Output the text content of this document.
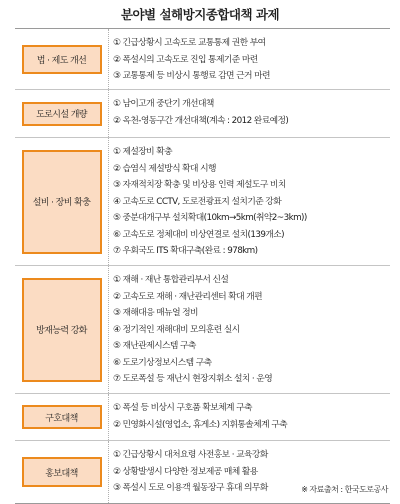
분야별 설해방지종합대책 과제
법 · 제도 개선
① 긴급상황시 고속도로 교통통제 권한 부여
② 폭설시의 고속도로 진입 통제기준 마련
③ 교통통제 등 비상시 통행료 감면 근거 마련
도로시설 개량
① 남이고개 중단기 개선대책
② 옥천-영동구간 개선대책(계속 : 2012 완료예정)
설비 · 장비 확충
① 제설장비 확충
② 습염식 제설방식 확대 시행
③ 자재적치장 확충 및 비상용 인력 제설도구 비치
④ 고속도로 CCTV, 도로전광표지 설치기준 강화
⑤ 중분대개구부 설치확대(10km→5km(취약2~3km))
⑥ 고속도로 정체대비 비상연결로 설치(139개소)
⑦ 우회국도 ITS 확대구축(완료 : 978km)
방재능력 강화
① 재해 · 재난 통합관리부서 신설
② 고속도로 재해 · 재난관리센터 확대 개편
③ 재해대응 매뉴얼 정비
④ 정기적인 재해대비 모의훈련 실시
⑤ 재난관제시스템 구축
⑥ 도로기상정보시스템 구축
⑦ 도로폭설 등 재난시 현장지휘소 설치 · 운영
구호대책
① 폭설 등 비상시 구호품 확보체계 구축
② 민영화시설(영업소, 휴게소) 지휘통솔체계 구축
홍보대책
① 긴급상황시 대처요령 사전홍보 · 교육강화
② 상황발생시 다양한 정보제공 매체 활용
③ 폭설시 도로 이용객 월동장구 휴대 의무화	※ 자료출처 : 한국도로공사
